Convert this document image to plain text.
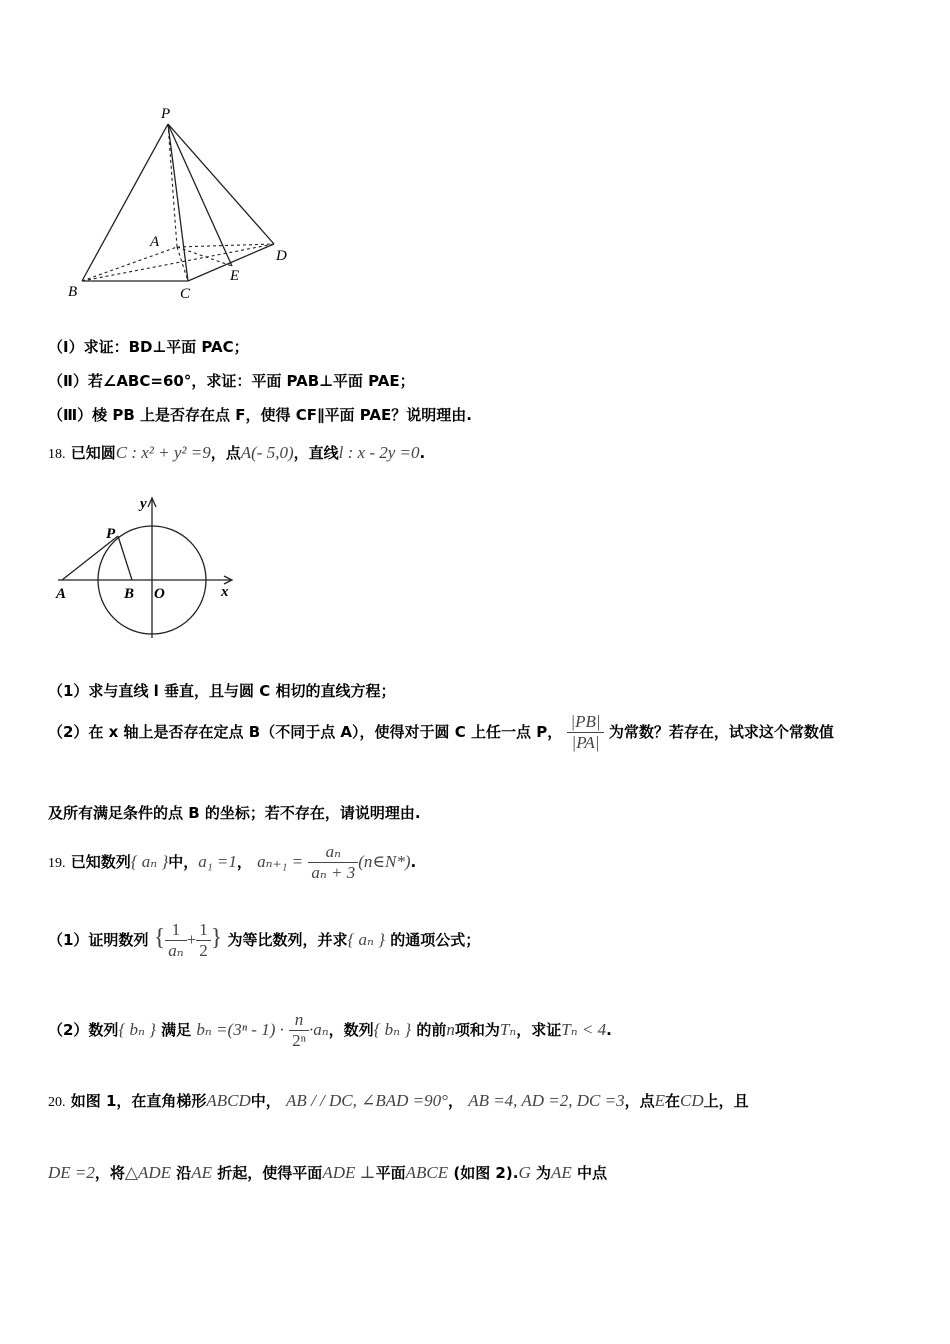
P
A
B	C
D
E
（Ⅰ）求证：BD⊥平面 PAC；
（Ⅱ）若∠ABC=60°，求证：平面 PAB⊥平面 PAE；
（Ⅲ）棱 PB 上是否存在点 F，使得 CF∥平面 PAE？说明理由.
18. 已知圆C : x² + y² =9，点A(- 5,0)，直线l : x - 2y =0.
y
x
P
A	B O
（1）求与直线 l 垂直，且与圆 C 相切的直线方程；
（2）在 x 轴上是否存在定点 B（不同于点 A），使得对于圆 C 上任一点 P， $\frac{|PB|}{|PA|}$ 为常数？若存在，试求这个常数值
及所有满足条件的点 B 的坐标；若不存在，请说明理由.
19. 已知数列{ aₙ }中，a₁ =1， $a_{n+1} = \frac{\text{aₙ}}{\text{aₙ + 3}}$ (n∈N*).
（1）证明数列 { $\frac{1}{\text{aₙ}} + \frac{1}{2}$ } 为等比数列，并求{ aₙ } 的通项公式；
（2）数列{ bₙ } 满足 $b_n =(3^n - 1) \cdot \frac{n}{\text{2ⁿ}} \cdot a_n$，数列{ bₙ } 的前n项和为Tₙ，求证Tₙ < 4.
20. 如图 1，在直角梯形ABCD中， AB / / DC, ∠BAD =90°， AB =4, AD =2, DC =3，点E在CD上，且
DE =2，将△ADE 沿AE 折起，使得平面ADE ⊥平面ABCE (如图 2).G 为AE 中点
